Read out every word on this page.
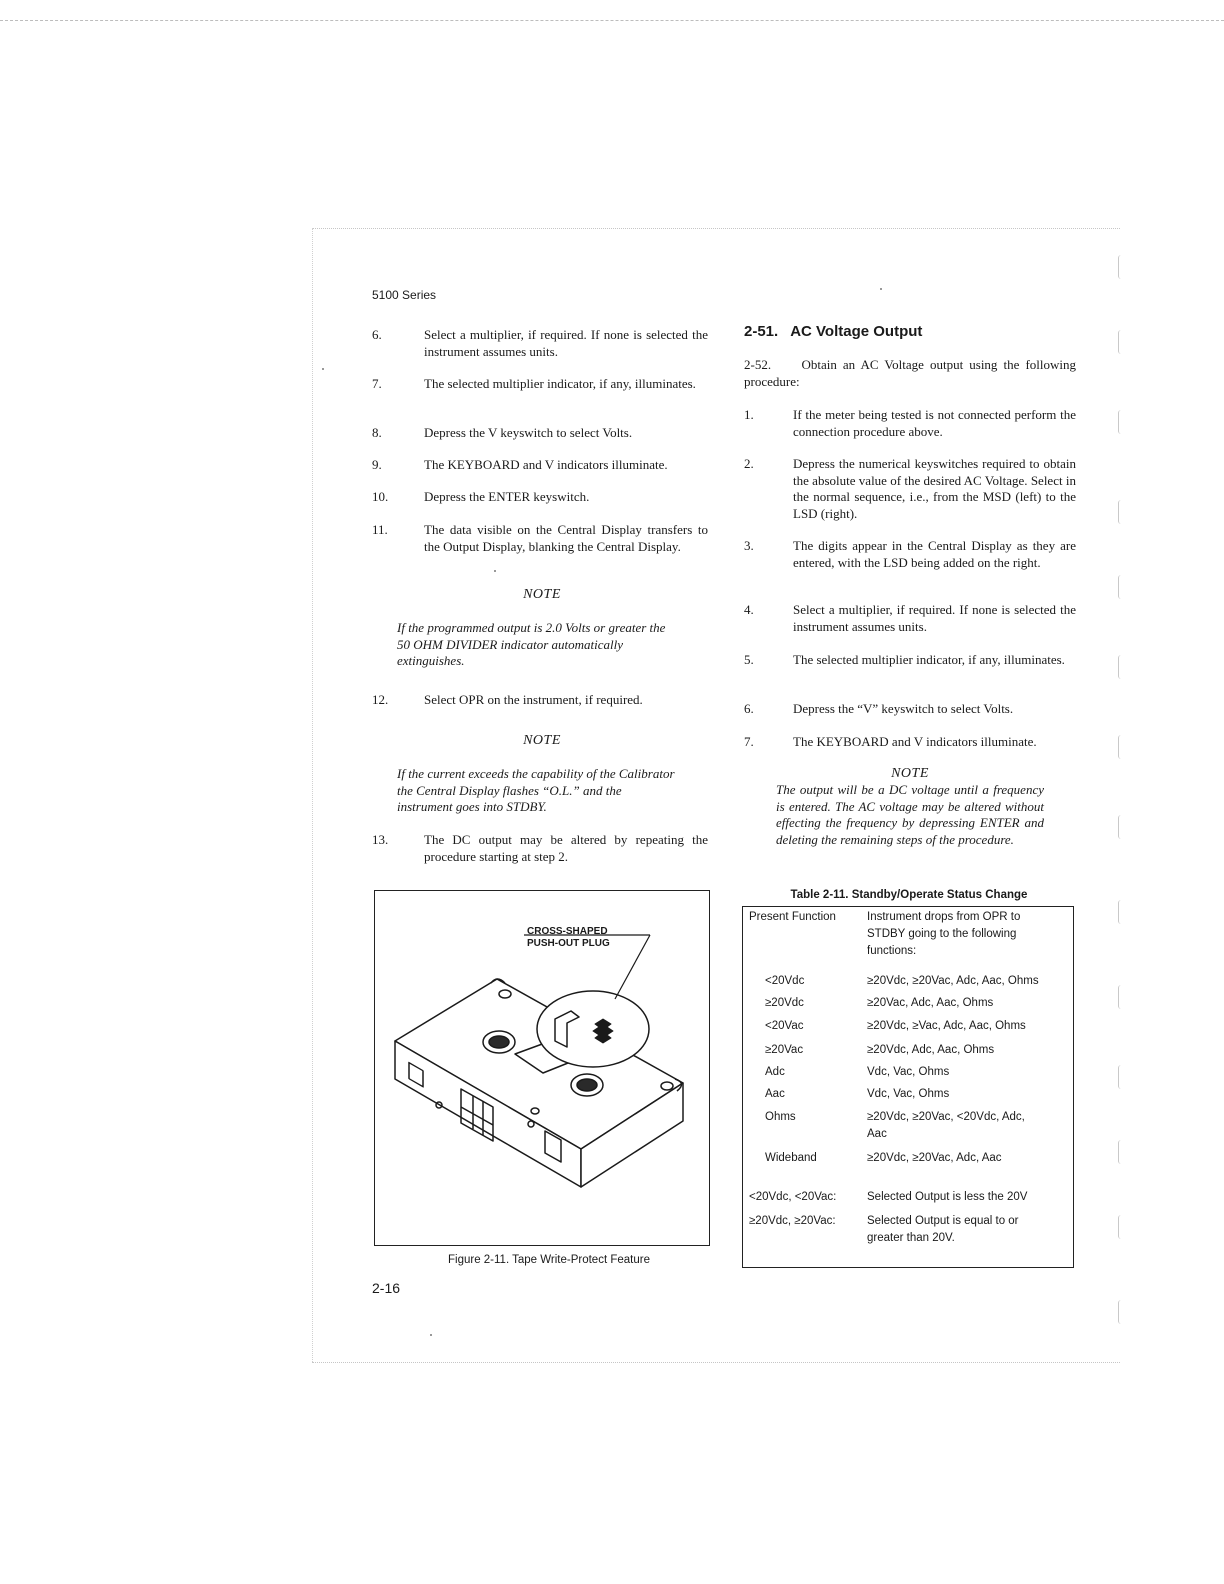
5100 Series
6.	Select a multiplier, if required. If none is selected the instrument assumes units.
7.	The selected multiplier indicator, if any, illuminates.
8.	Depress the V keyswitch to select Volts.
9.	The KEYBOARD and V indicators illuminate.
10.	Depress the ENTER keyswitch.
11.	The data visible on the Central Display transfers to the Output Display, blanking the Central Display.
NOTE
If the programmed output is 2.0 Volts or greater the 50 OHM DIVIDER indicator automatically extinguishes.
12.	Select OPR on the instrument, if required.
NOTE
If the current exceeds the capability of the Calibrator the Central Display flashes “O.L.” and the instrument goes into STDBY.
13.	The DC output may be altered by repeating the procedure starting at step 2.
CROSS-SHAPED
PUSH-OUT PLUG
Figure 2-11. Tape Write-Protect Feature
2-16
2-51. AC Voltage Output
2-52. Obtain an AC Voltage output using the following procedure:
1.	If the meter being tested is not connected perform the connection procedure above.
2.	Depress the numerical keyswitches required to obtain the absolute value of the desired AC Voltage. Select in the normal sequence, i.e., from the MSD (left) to the LSD (right).
3.	The digits appear in the Central Display as they are entered, with the LSD being added on the right.
4.	Select a multiplier, if required. If none is selected the instrument assumes units.
5.	The selected multiplier indicator, if any, illuminates.
6.	Depress the “V” keyswitch to select Volts.
7.	The KEYBOARD and V indicators illuminate.
NOTE
The output will be a DC voltage until a frequency is entered. The AC voltage may be altered without effecting the frequency by depressing ENTER and deleting the remaining steps of the procedure.
Table 2-11. Standby/Operate Status Change
Present Function	Instrument drops from OPR to STDBY going to the following functions:
<20Vdc	≥20Vdc, ≥20Vac, Adc, Aac, Ohms
≥20Vdc	≥20Vac, Adc, Aac, Ohms
<20Vac	≥20Vdc, ≥Vac, Adc, Aac, Ohms
≥20Vac	≥20Vdc, Adc, Aac, Ohms
Adc	Vdc, Vac, Ohms
Aac	Vdc, Vac, Ohms
Ohms	≥20Vdc, ≥20Vac, <20Vdc, Adc, Aac
Wideband	≥20Vdc, ≥20Vac, Adc, Aac
<20Vdc, <20Vac:	Selected Output is less the 20V
≥20Vdc, ≥20Vac:	Selected Output is equal to or greater than 20V.
